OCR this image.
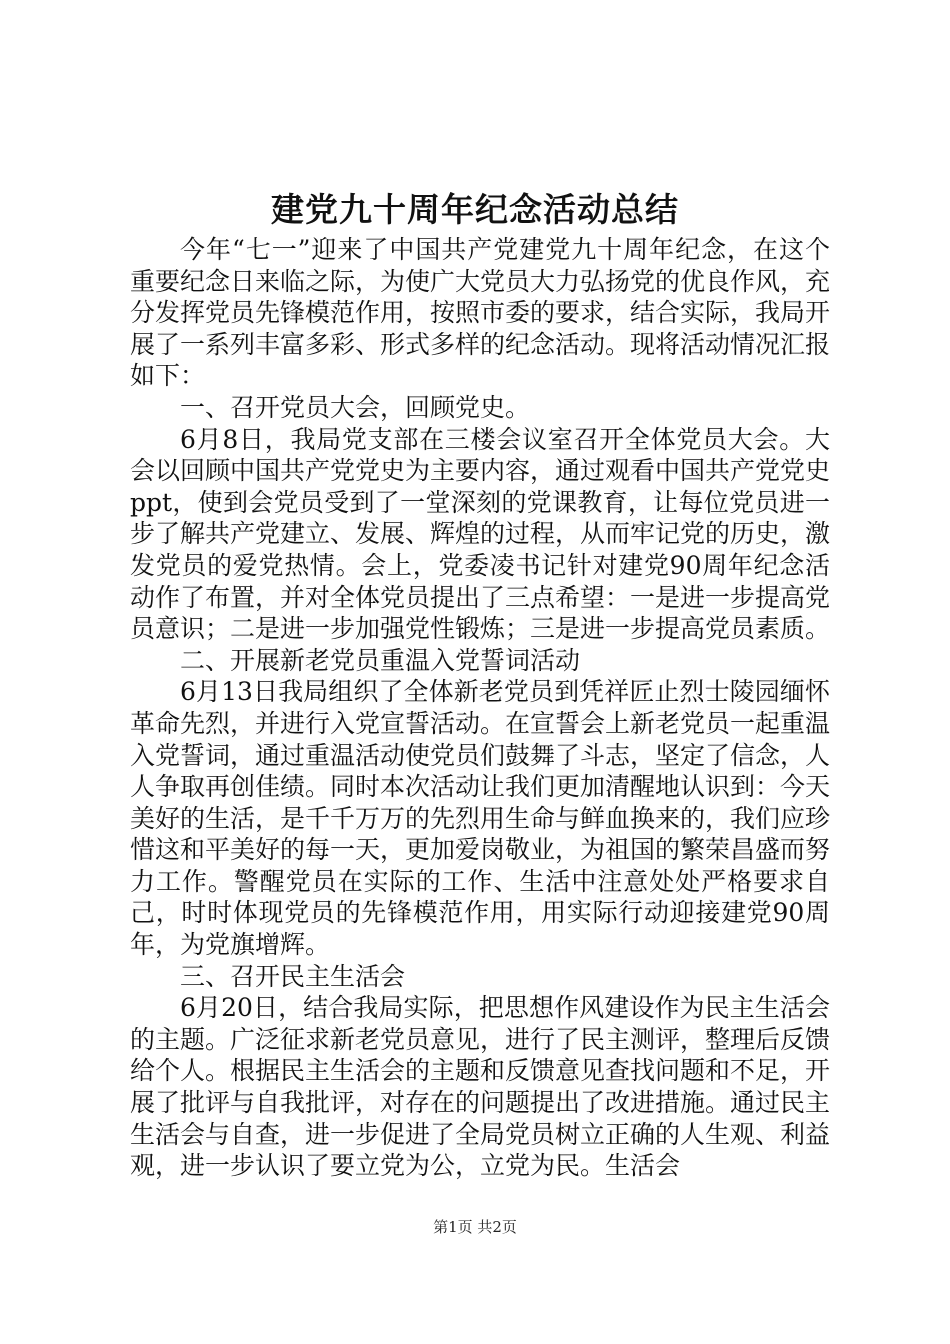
建党九十周年纪念活动总结

今年“七一”迎来了中国共产党建党九十周年纪念，在这个重要纪念日来临之际，为使广大党员大力弘扬党的优良作风，充分发挥党员先锋模范作用，按照市委的要求，结合实际，我局开展了一系列丰富多彩、形式多样的纪念活动。现将活动情况汇报如下：

一、召开党员大会，回顾党史。

6月8日，我局党支部在三楼会议室召开全体党员大会。大会以回顾中国共产党党史为主要内容，通过观看中国共产党党史ppt，使到会党员受到了一堂深刻的党课教育，让每位党员进一步了解共产党建立、发展、辉煌的过程，从而牢记党的历史，激发党员的爱党热情。会上，党委凌书记针对建党90周年纪念活动作了布置，并对全体党员提出了三点希望：一是进一步提高党员意识；二是进一步加强党性锻炼；三是进一步提高党员素质。

二、开展新老党员重温入党誓词活动

6月13日我局组织了全体新老党员到凭祥匠止烈士陵园缅怀革命先烈，并进行入党宣誓活动。在宣誓会上新老党员一起重温入党誓词，通过重温活动使党员们鼓舞了斗志，坚定了信念，人人争取再创佳绩。同时本次活动让我们更加清醒地认识到：今天美好的生活，是千千万万的先烈用生命与鲜血换来的，我们应珍惜这和平美好的每一天，更加爱岗敬业，为祖国的繁荣昌盛而努力工作。警醒党员在实际的工作、生活中注意处处严格要求自己，时时体现党员的先锋模范作用，用实际行动迎接建党90周年，为党旗增辉。

三、召开民主生活会

6月20日，结合我局实际，把思想作风建设作为民主生活会的主题。广泛征求新老党员意见，进行了民主测评，整理后反馈给个人。根据民主生活会的主题和反馈意见查找问题和不足，开展了批评与自我批评，对存在的问题提出了改进措施。通过民主生活会与自查，进一步促进了全局党员树立正确的人生观、利益观，进一步认识了要立党为公，立党为民。生活会

第1页 共2页
